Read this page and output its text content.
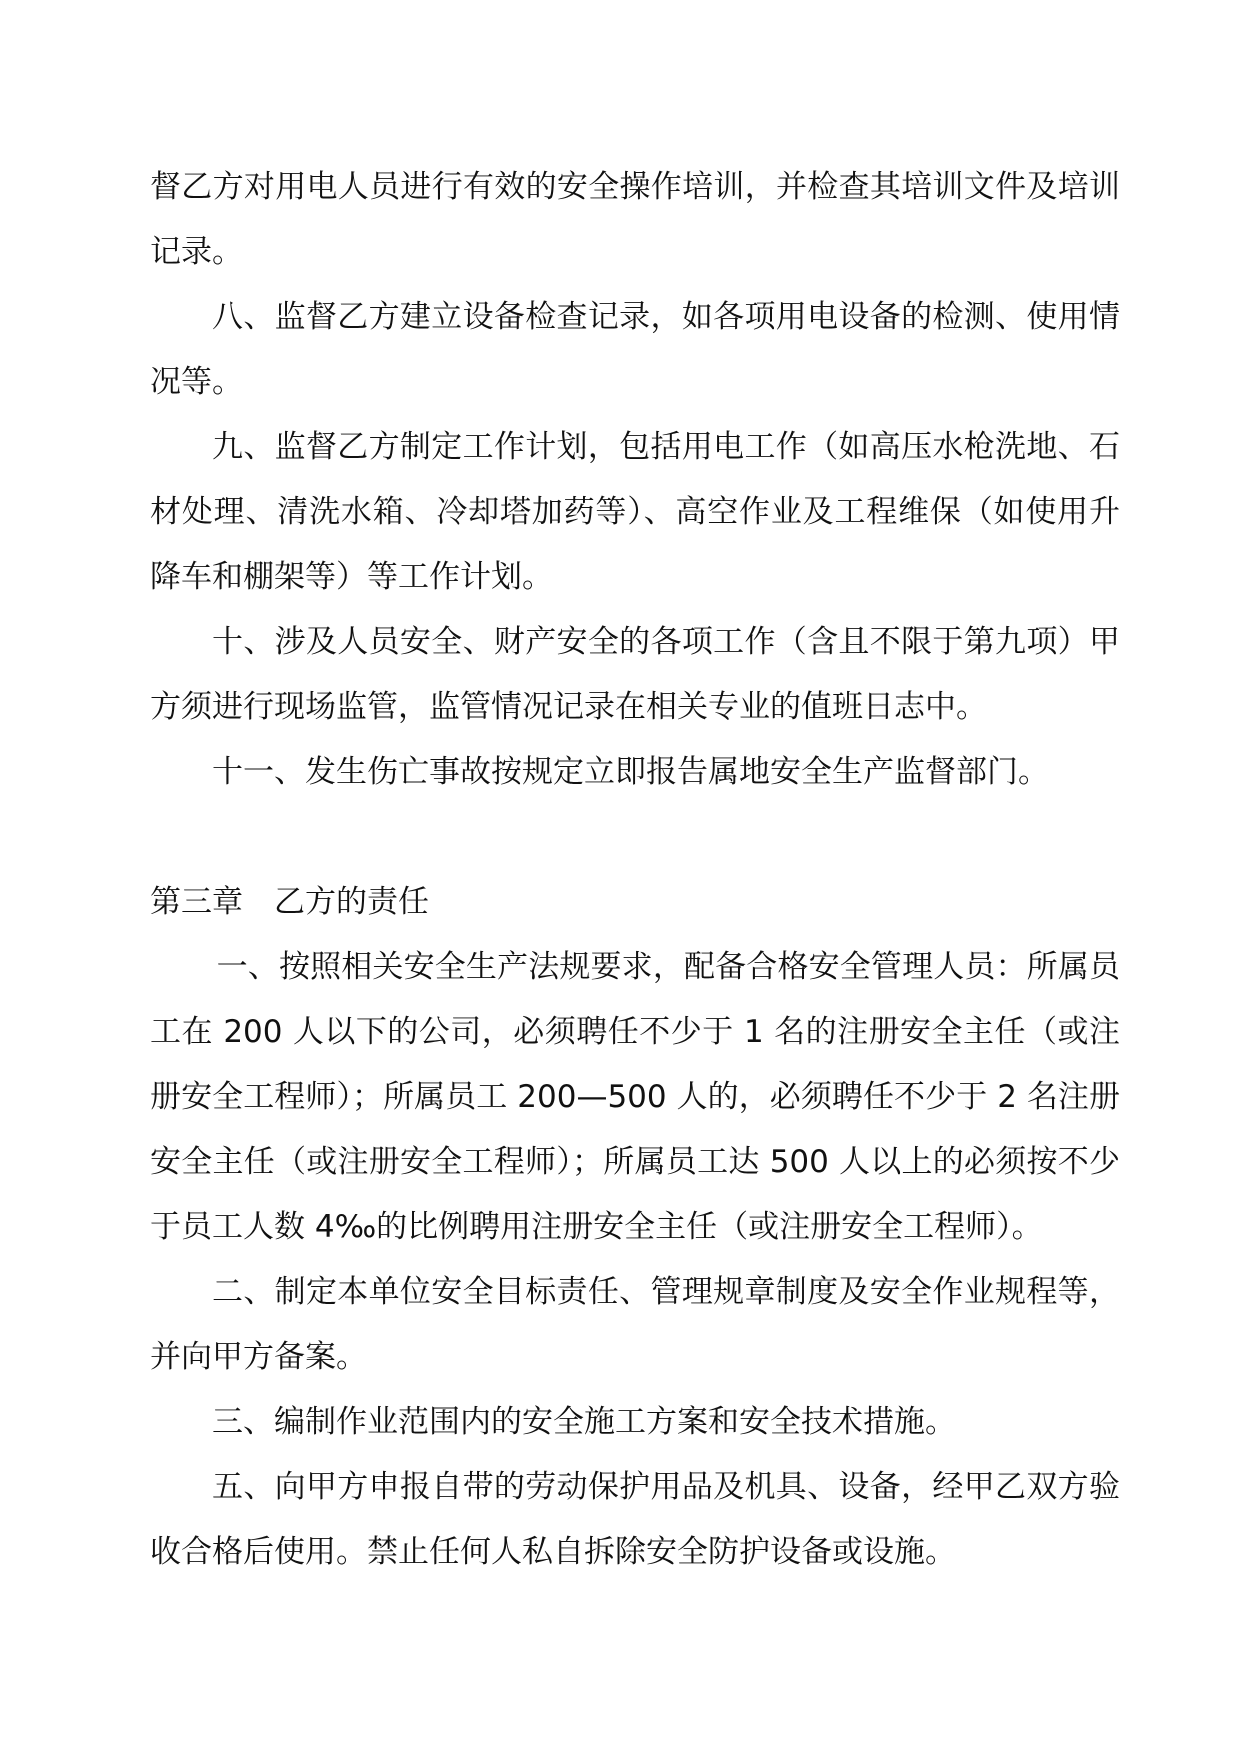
督乙方对用电人员进行有效的安全操作培训，并检查其培训文件及培训记录。

八、监督乙方建立设备检查记录，如各项用电设备的检测、使用情况等。

九、监督乙方制定工作计划，包括用电工作（如高压水枪洗地、石材处理、清洗水箱、冷却塔加药等）、高空作业及工程维保（如使用升降车和棚架等）等工作计划。

十、涉及人员安全、财产安全的各项工作（含且不限于第九项）甲方须进行现场监管，监管情况记录在相关专业的值班日志中。

十一、发生伤亡事故按规定立即报告属地安全生产监督部门。

第三章　乙方的责任

一、按照相关安全生产法规要求，配备合格安全管理人员：所属员工在 200 人以下的公司，必须聘任不少于 1 名的注册安全主任（或注册安全工程师）；所属员工 200—500 人的，必须聘任不少于 2 名注册安全主任（或注册安全工程师）；所属员工达 500 人以上的必须按不少于员工人数 4‰的比例聘用注册安全主任（或注册安全工程师）。

二、制定本单位安全目标责任、管理规章制度及安全作业规程等，并向甲方备案。

三、编制作业范围内的安全施工方案和安全技术措施。

五、向甲方申报自带的劳动保护用品及机具、设备，经甲乙双方验收合格后使用。禁止任何人私自拆除安全防护设备或设施。
